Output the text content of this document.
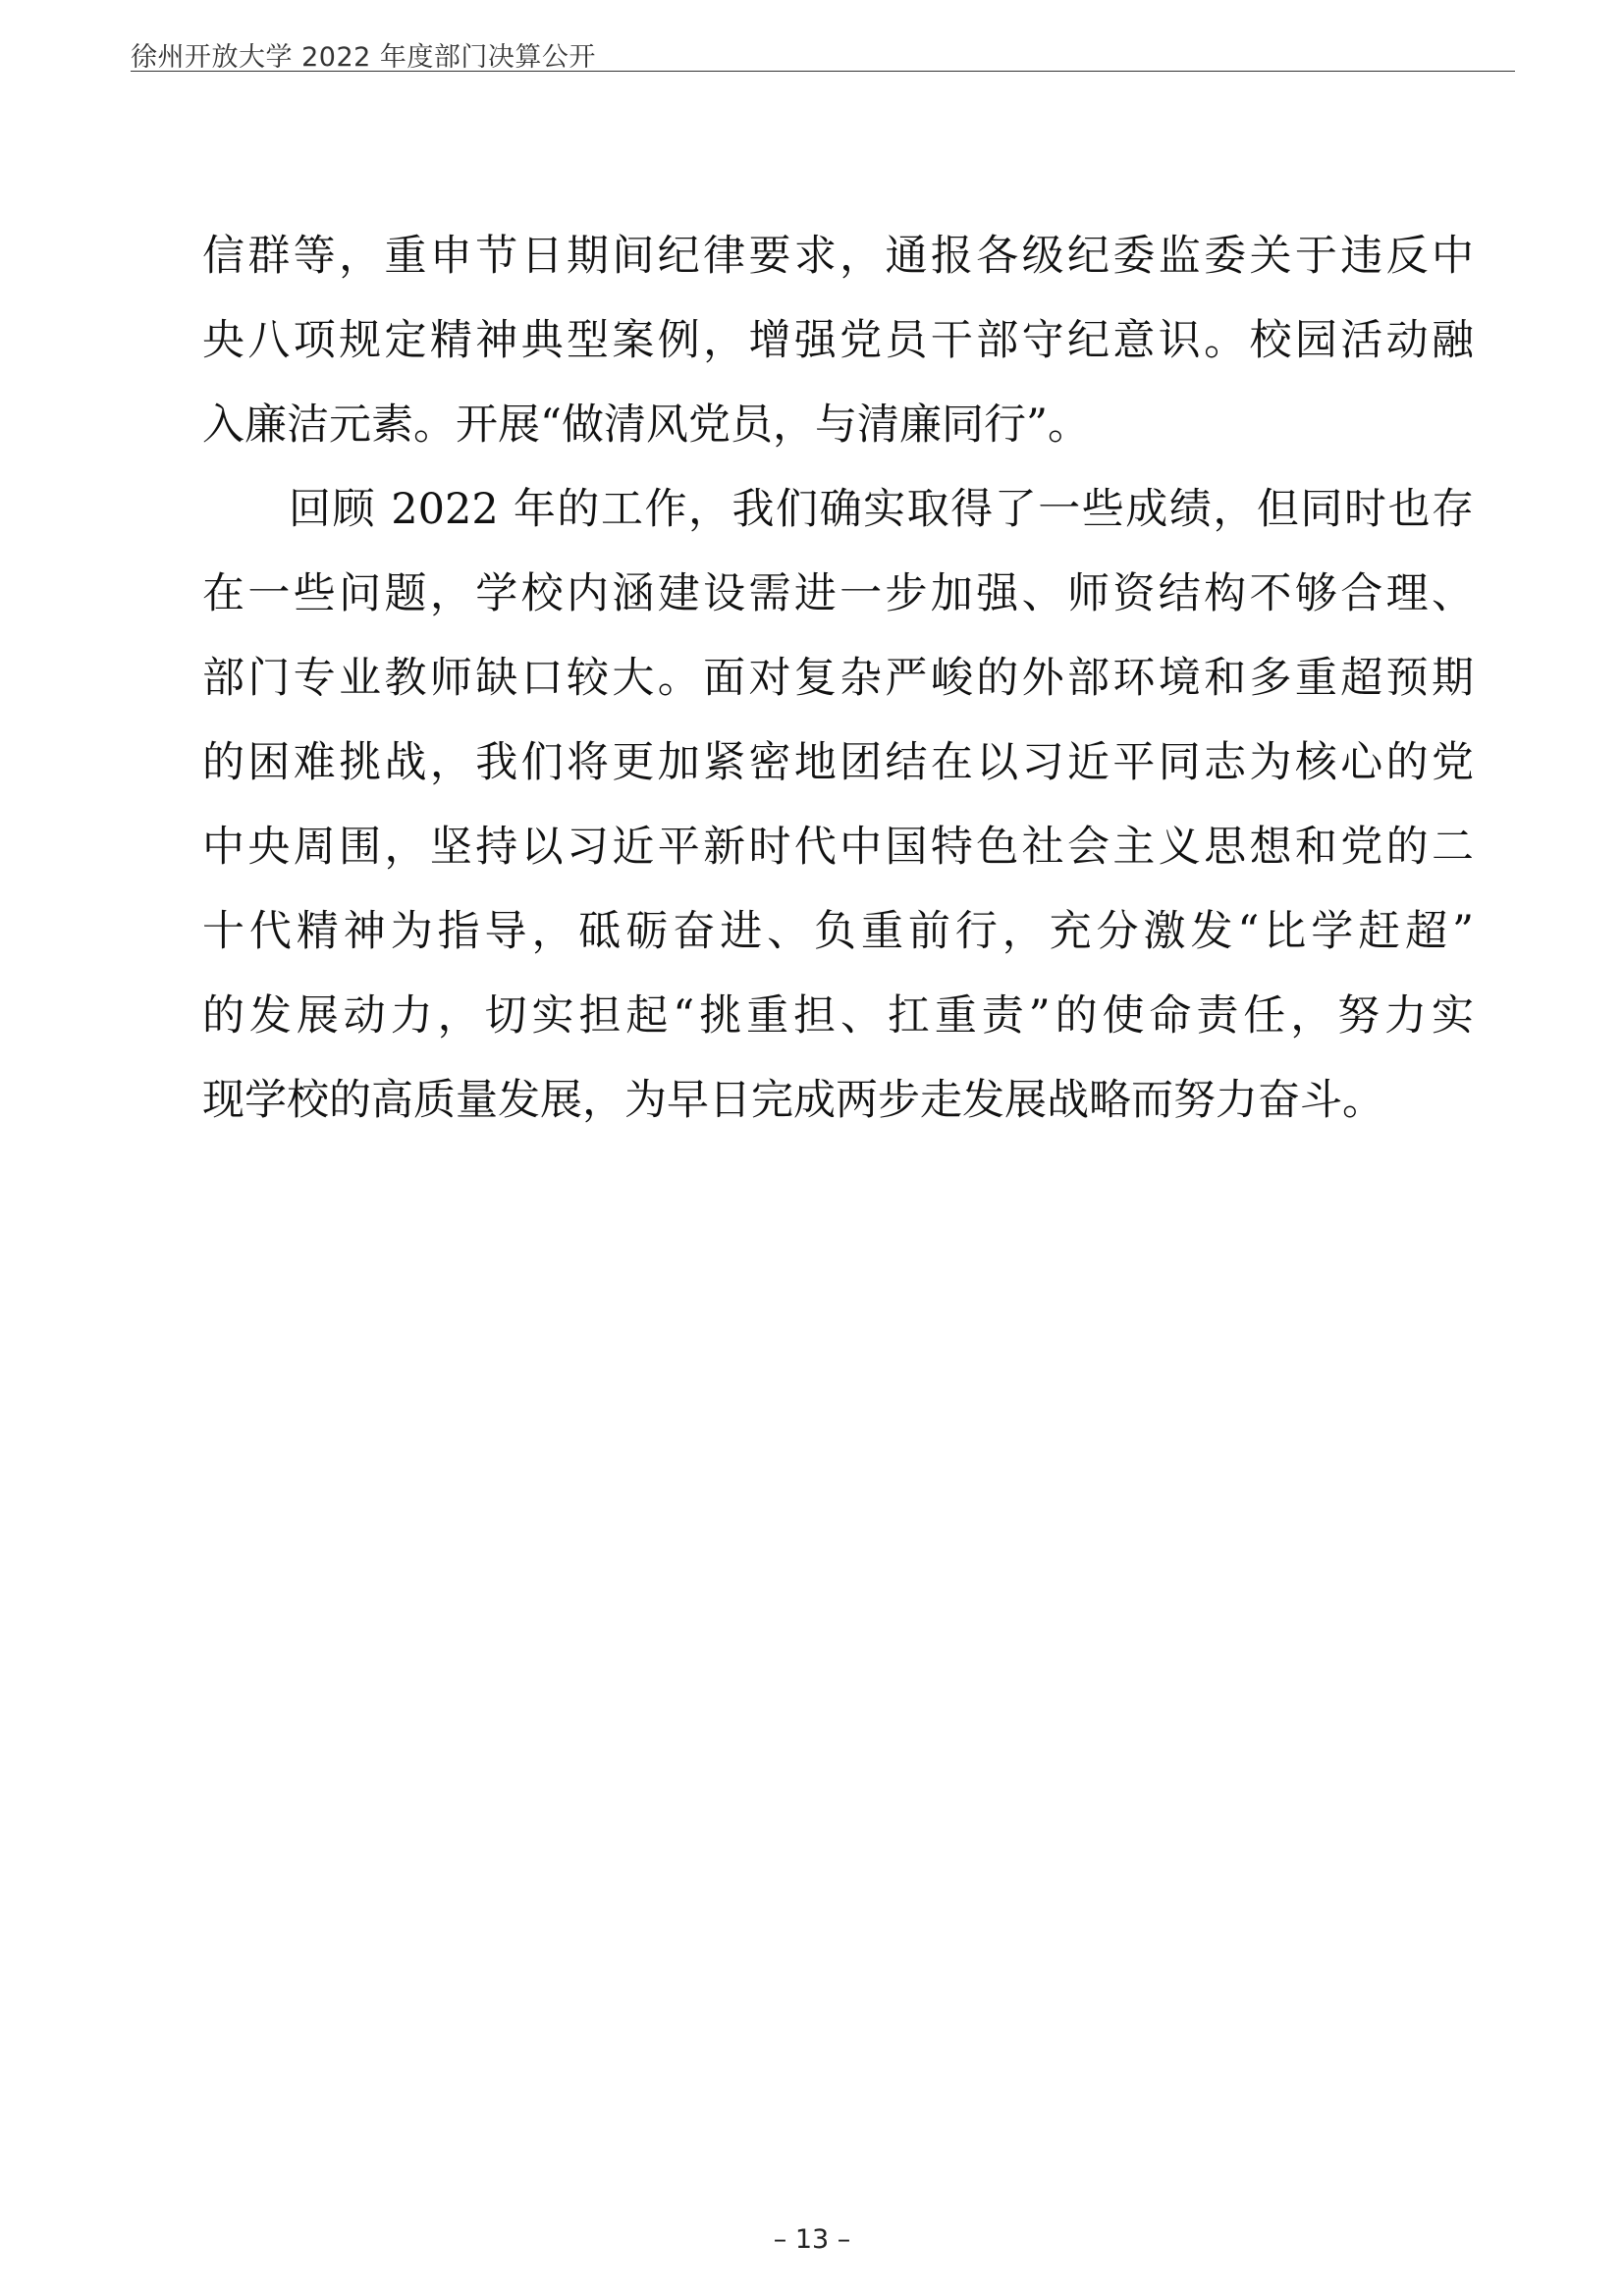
徐州开放大学 2022 年度部门决算公开
信群等，重申节日期间纪律要求，通报各级纪委监委关于违反中
央八项规定精神典型案例，增强党员干部守纪意识。校园活动融
入廉洁元素。开展“做清风党员，与清廉同行”。
回顾 2022 年的工作，我们确实取得了一些成绩，但同时也存
在一些问题，学校内涵建设需进一步加强、师资结构不够合理、
部门专业教师缺口较大。面对复杂严峻的外部环境和多重超预期
的困难挑战，我们将更加紧密地团结在以习近平同志为核心的党
中央周围，坚持以习近平新时代中国特色社会主义思想和党的二
十代精神为指导，砥砺奋进、负重前行，充分激发“比学赶超”
的发展动力，切实担起“挑重担、扛重责”的使命责任，努力实
现学校的高质量发展，为早日完成两步走发展战略而努力奋斗。
– 13 –
